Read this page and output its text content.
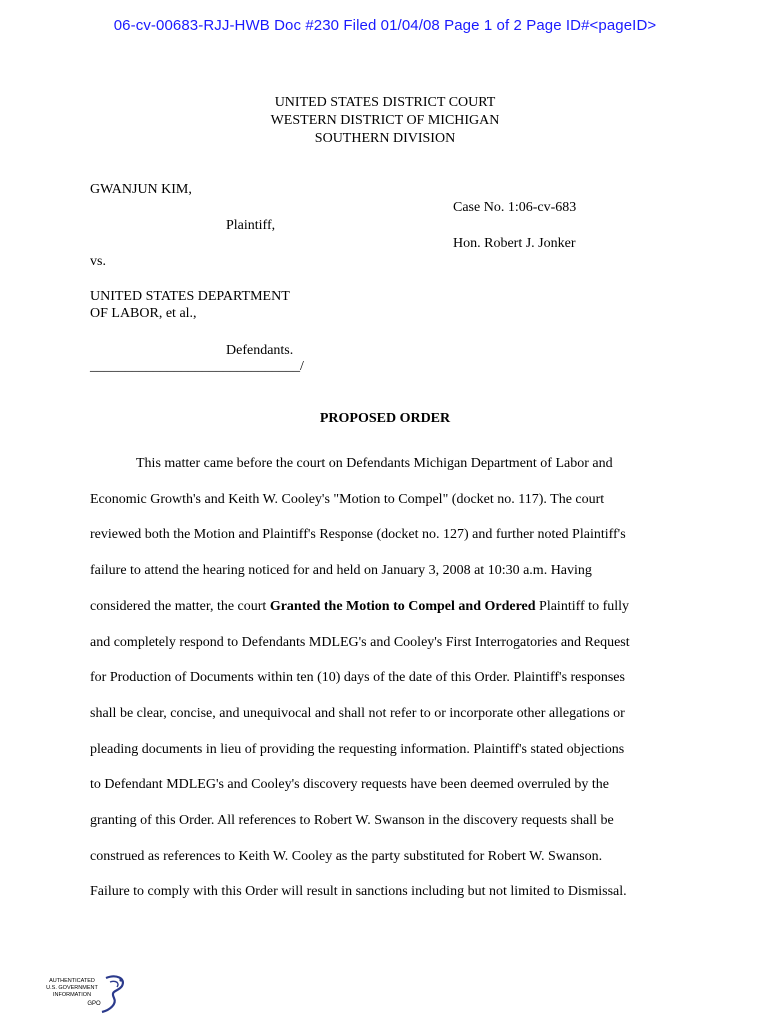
06-cv-00683-RJJ-HWB Doc #230 Filed 01/04/08 Page 1 of 2 Page ID#<pageID>
UNITED STATES DISTRICT COURT
WESTERN DISTRICT OF MICHIGAN
SOUTHERN DIVISION
GWANJUN KIM,
Case No. 1:06-cv-683
Plaintiff,
Hon. Robert J. Jonker
vs.
UNITED STATES DEPARTMENT
OF LABOR, et al.,
Defendants.
______________________________/
PROPOSED ORDER
This matter came before the court on Defendants Michigan Department of Labor and
Economic Growth's and Keith W. Cooley's "Motion to Compel" (docket no. 117). The court
reviewed both the Motion and Plaintiff's Response (docket no. 127) and further noted Plaintiff's
failure to attend the hearing noticed for and held on January 3, 2008 at 10:30 a.m. Having
considered the matter, the court Granted the Motion to Compel and Ordered Plaintiff to fully
and completely respond to Defendants MDLEG's and Cooley's First Interrogatories and Request
for Production of Documents within ten (10) days of the date of this Order. Plaintiff's responses
shall be clear, concise, and unequivocal and shall not refer to or incorporate other allegations or
pleading documents in lieu of providing the requesting information. Plaintiff's stated objections
to Defendant MDLEG's and Cooley's discovery requests have been deemed overruled by the
granting of this Order. All references to Robert W. Swanson in the discovery requests shall be
construed as references to Keith W. Cooley as the party substituted for Robert W. Swanson.
Failure to comply with this Order will result in sanctions including but not limited to Dismissal.
AUTHENTICATED
U.S. GOVERNMENT
INFORMATION
GPO
